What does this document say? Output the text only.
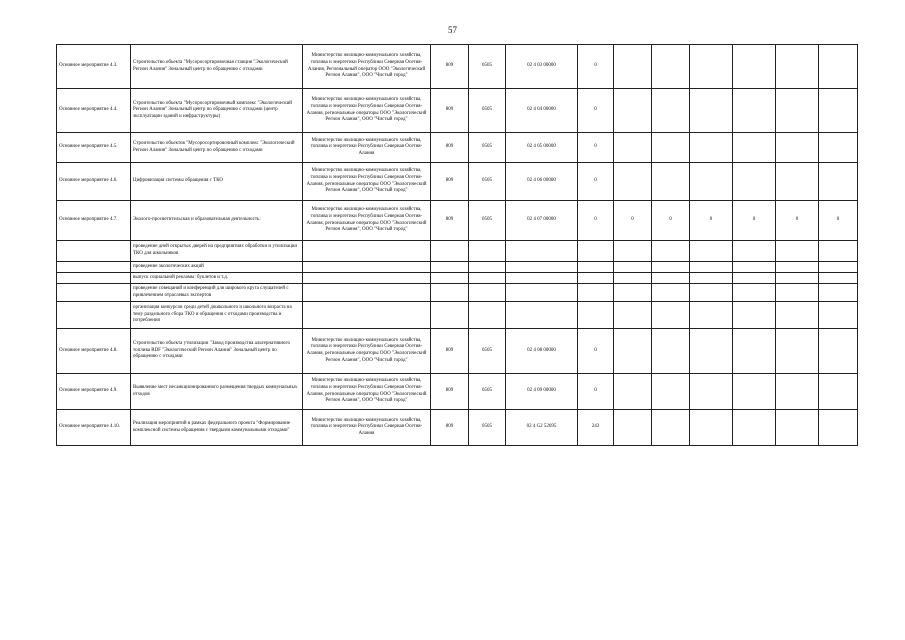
57
Основное мероприятие 4.3.	Строительство объекта "Мусоросортировочная станция "Экологический Регион Алания" Зональный центр по обращению с отходами	Министерство жилищно-коммунального хозяйства, топлива и энергетики Республики Северная Осетия-Алания, Региональный оператор ООО "Экологический Регион Алания", ООО "Чистый город"	809	0505	02 4 03 00000	0						
Основное мероприятие 4.4.	Строительство объекта "Мусоросортировочный комплекс "Экологический Регион Алания" Зональный центр по обращению с отходами (центр эксплуатации зданий и инфраструктуры)	Министерство жилищно-коммунального хозяйства, топлива и энергетики Республики Северная Осетия-Алания, региональные операторы ООО "Экологический Регион Алания", ООО "Чистый город"	809	0505	02 4 04 00000	0						
Основное мероприятие 4.5.	Строительство объектов "Мусоросортировочный комплекс "Экологический Регион Алания" Зональный центр по обращению с отходами	Министерство жилищно-коммунального хозяйства, топлива и энергетики Республики Северная Осетия-Алания	809	0505	02 4 05 00000	0						
Основное мероприятие 4.6.	Цифровизация системы обращения с ТКО	Министерство жилищно-коммунального хозяйства, топлива и энергетики Республики Северная Осетия-Алания, региональные операторы ООО "Экологический Регион Алания", ООО "Чистый город"	809	0505	02 4 06 00000	0						
Основное мероприятие 4.7.	Эколого-просветительская и образовательная деятельность:	Министерство жилищно-коммунального хозяйства, топлива и энергетики Республики Северная Осетия-Алания, региональные операторы ООО "Экологический Регион Алания", ООО "Чистый город"	809	0505	02 4 07 00000	0	0	0	0	0	0	0
	проведение дней открытых дверей на предприятиях обработки и утилизации ТКО для школьников											
	проведение экологических акций											
	выпуск социальной рекламы: буклетов и т.д.											
	проведение совещаний и конференций для широкого круга слушателей с привлечением отраслевых экспертов											
	организация конкурсов среди детей дошкольного и школьного возраста на тему раздельного сбора ТКО и обращения с отходами производства и потребления											
Основное мероприятие 4.8.	Строительство объекта утилизации "Завод производства альтернативного топлива RDF "Экологический Регион Алания" Зональный центр по обращению с отходами	Министерство жилищно-коммунального хозяйства, топлива и энергетики Республики Северная Осетия-Алания, региональные операторы ООО "Экологический Регион Алания", ООО "Чистый город"	809	0505	02 4 08 00000	0						
Основное мероприятие 4.9.	Выявление мест несанкционированного размещения твердых коммунальных отходов	Министерство жилищно-коммунального хозяйства, топлива и энергетики Республики Северная Осетия-Алания, региональные операторы ООО "Экологический Регион Алания", ООО "Чистый город"	809	0505	02 4 09 00000	0						
Основное мероприятие 4.10.	Реализация мероприятий в рамках федерального проекта "Формирование комплексной системы обращения с твердыми коммунальными отходами"	Министерство жилищно-коммунального хозяйства, топлива и энергетики Республики Северная Осетия-Алания	809	0505	02 4 G2 52695	243						
